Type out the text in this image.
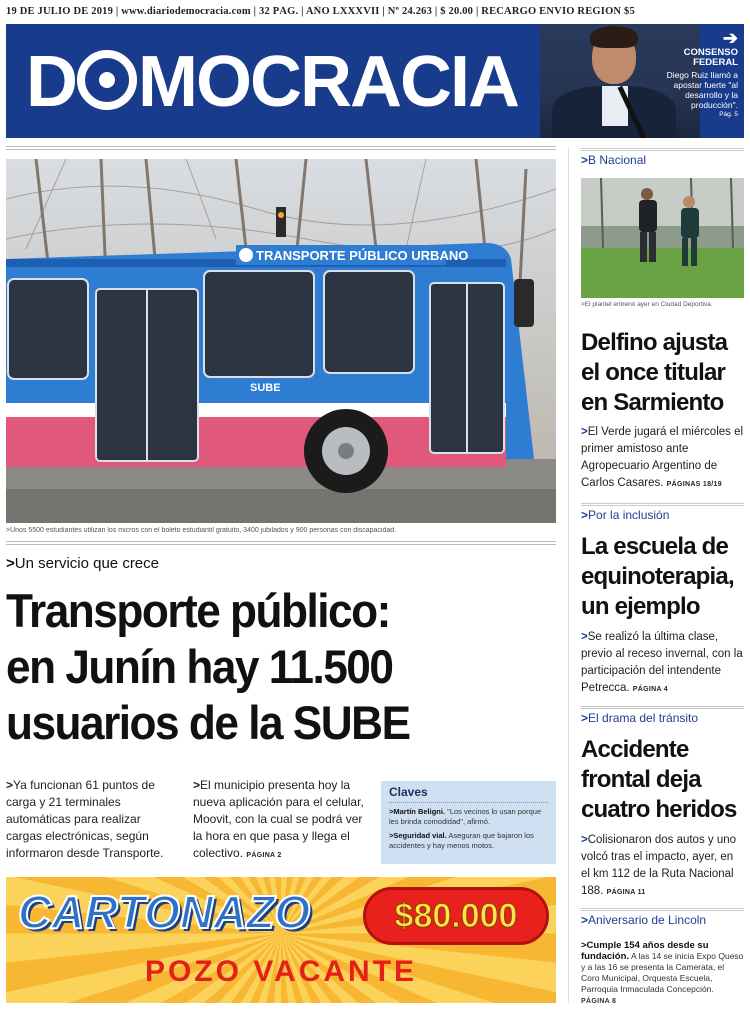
19 DE JULIO DE 2019 | www.diariodemocracia.com | 32 PÁG. | AÑO LXXXVII | Nº 24.263 | $ 20.00 | RECARGO ENVÍO REGIÓN $5
D MOCRACIA
➔
CONSENSO FEDERAL
Diego Ruiz llamó a apostar fuerte "al desarrollo y la producción".
Pág. 5
TRANSPORTE PÚBLICO URBANO
SUBE
>Unos 5500 estudiantes utilizan los micros con el boleto estudiantil gratuito, 3400 jubilados y 900 personas con discapacidad.
>Un servicio que crece
Transporte público:
en Junín hay 11.500
usuarios de la SUBE
>Ya funcionan 61 puntos de carga y 21 terminales automáticas para realizar cargas electrónicas, según informaron desde Transporte.
>El municipio presenta hoy la nueva aplicación para el celular, Moovit, con la cual se podrá ver la hora en que pasa y llega el colectivo. PÁGINA 2
Claves

>Martín Beligni. "Los vecinos lo usan porque les brinda comodidad", afirmó.

>Seguridad vial. Aseguran que bajaron los accidentes y hay menos motos.

CARTONAZO	$80.000
POZO VACANTE
>B Nacional
>El plantel entrenó ayer en Ciudad Deportiva.
Delfino ajusta el once titular en Sarmiento
>El Verde jugará el miércoles el primer amistoso ante Agropecuario Argentino de Carlos Casares. PÁGINAS 18/19
>Por la inclusión
La escuela de equinoterapia, un ejemplo
>Se realizó la última clase, previo al receso invernal, con la participación del intendente Petrecca. PÁGINA 4
>El drama del tránsito
Accidente frontal deja cuatro heridos
>Colisionaron dos autos y uno volcó tras el impacto, ayer, en el km 112 de la Ruta Nacional 188. PÁGINA 11
>Aniversario de Lincoln
>Cumple 154 años desde su fundación. A las 14 se inicia Expo Queso y a las 16 se presenta la Camerata, el Coro Municipal, Orquesta Escuela, Parroquia Inmaculada Concepción. PÁGINA 8
